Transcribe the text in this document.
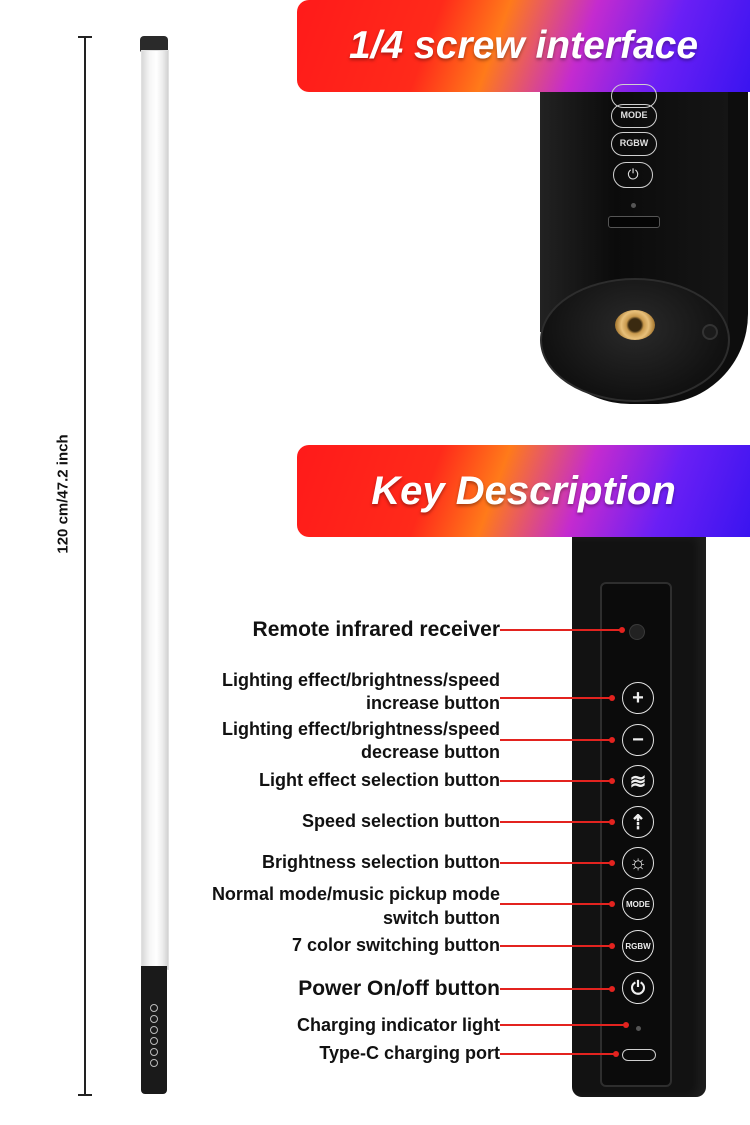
120 cm/47.2 inch
1/4 screw interface
MODE
RGBW
⏻
Key Description
+
−
≋
⇡
☼
MODE
RGBW
⏻
Remote infrared receiver
Lighting effect/brightness/speed
increase button
Lighting effect/brightness/speed
decrease button
Light effect selection button
Speed selection button
Brightness selection button
Normal mode/music pickup mode
switch button
7 color switching button
Power On/off button
Charging indicator light
Type-C charging port
